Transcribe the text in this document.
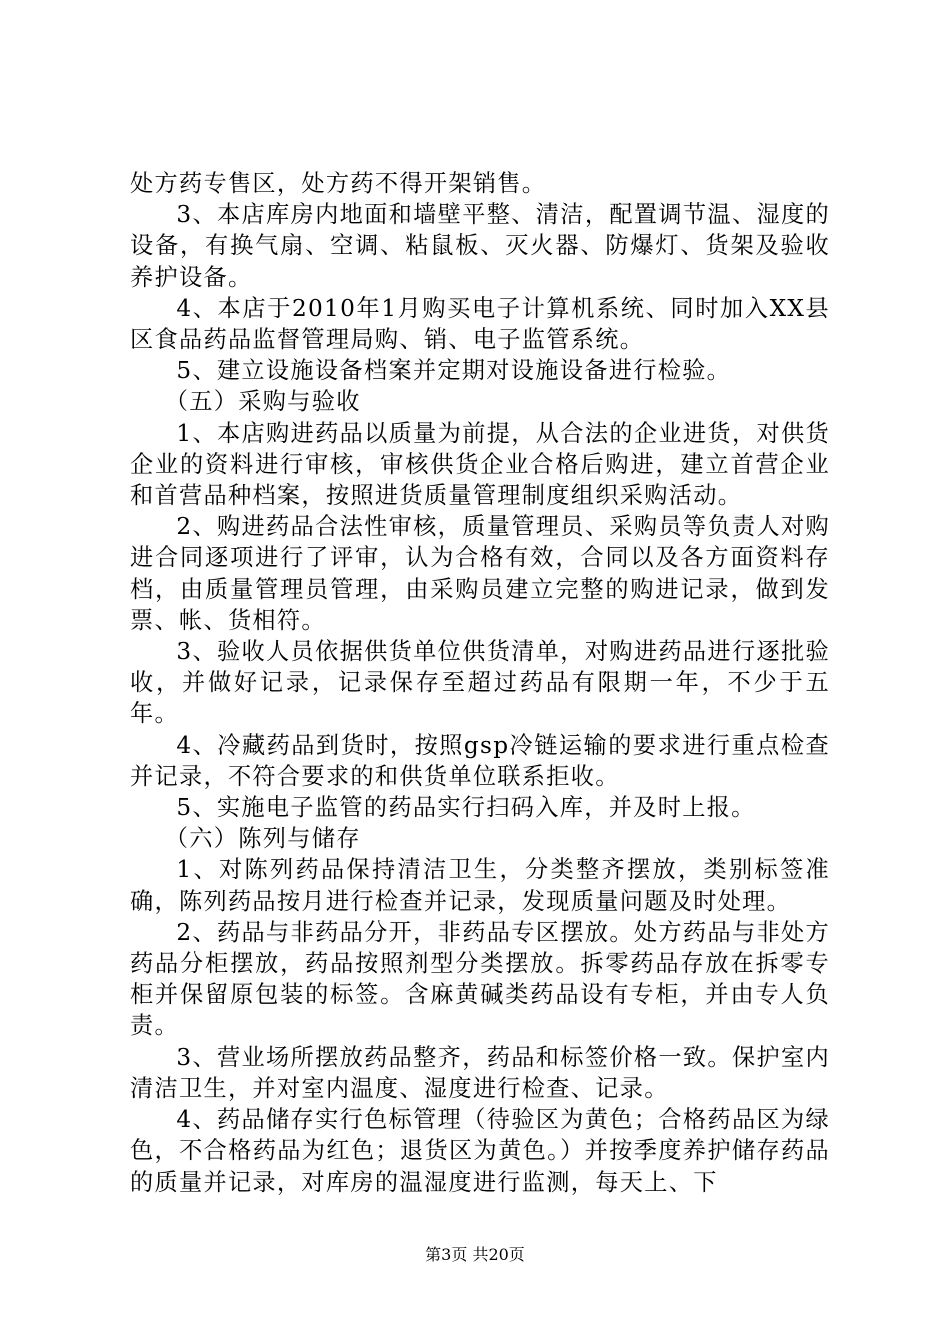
处方药专售区，处方药不得开架销售。

3、本店库房内地面和墙壁平整、清洁，配置调节温、湿度的设备，有换气扇、空调、粘鼠板、灭火器、防爆灯、货架及验收养护设备。

4、本店于2010年1月购买电子计算机系统、同时加入XX县区食品药品监督管理局购、销、电子监管系统。

5、建立设施设备档案并定期对设施设备进行检验。

（五）采购与验收

1、本店购进药品以质量为前提，从合法的企业进货，对供货企业的资料进行审核，审核供货企业合格后购进，建立首营企业和首营品种档案，按照进货质量管理制度组织采购活动。

2、购进药品合法性审核，质量管理员、采购员等负责人对购进合同逐项进行了评审，认为合格有效，合同以及各方面资料存档，由质量管理员管理，由采购员建立完整的购进记录，做到发票、帐、货相符。

3、验收人员依据供货单位供货清单，对购进药品进行逐批验收，并做好记录，记录保存至超过药品有限期一年，不少于五年。

4、冷藏药品到货时，按照gsp冷链运输的要求进行重点检查并记录，不符合要求的和供货单位联系拒收。

5、实施电子监管的药品实行扫码入库，并及时上报。

（六）陈列与储存

1、对陈列药品保持清洁卫生，分类整齐摆放，类别标签准确，陈列药品按月进行检查并记录，发现质量问题及时处理。

2、药品与非药品分开，非药品专区摆放。处方药品与非处方药品分柜摆放，药品按照剂型分类摆放。拆零药品存放在拆零专柜并保留原包装的标签。含麻黄碱类药品设有专柜，并由专人负责。

3、营业场所摆放药品整齐，药品和标签价格一致。保护室内清洁卫生，并对室内温度、湿度进行检查、记录。

4、药品储存实行色标管理（待验区为黄色；合格药品区为绿色，不合格药品为红色；退货区为黄色。）并按季度养护储存药品的质量并记录，对库房的温湿度进行监测，每天上、下

第3页 共20页
